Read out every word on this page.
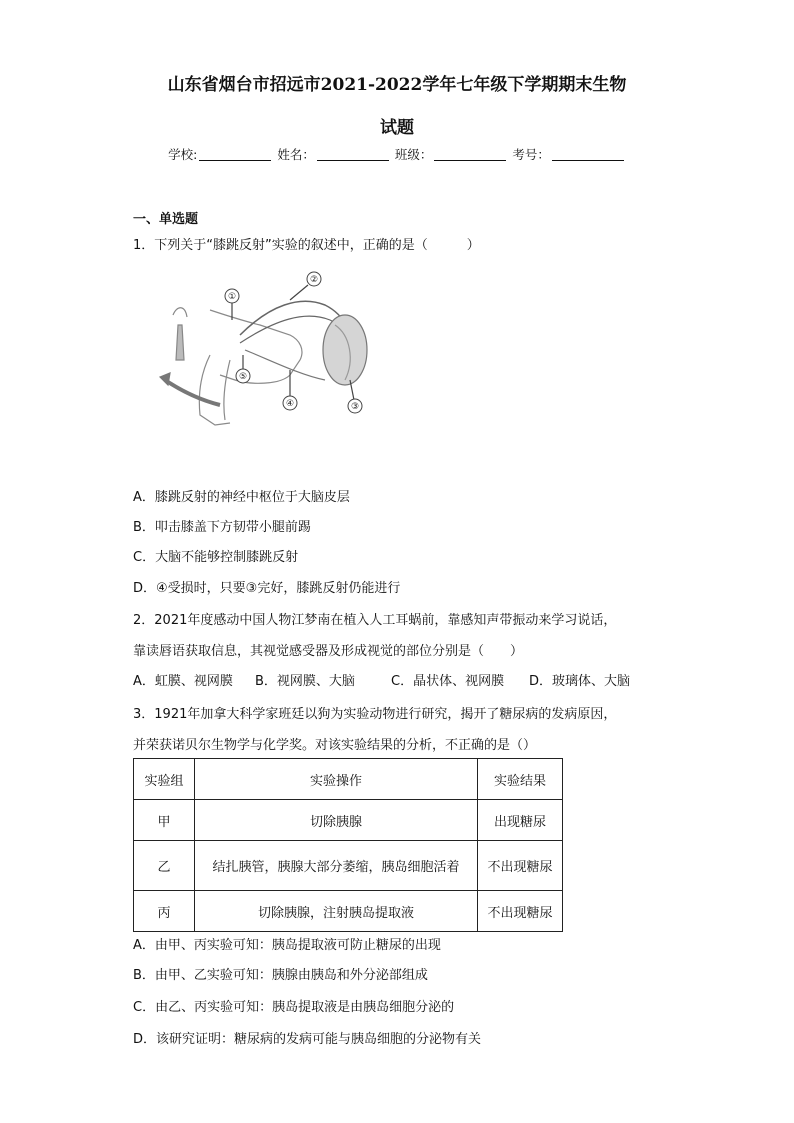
山东省烟台市招远市2021-2022学年七年级下学期期末生物
试题
学校:	姓名：	班级：	考号：
一、单选题
1．下列关于“膝跳反射”实验的叙述中，正确的是（　　　）
①
②
③
④
⑤
A．膝跳反射的神经中枢位于大脑皮层
B．叩击膝盖下方韧带小腿前踢
C．大脑不能够控制膝跳反射
D．④受损时，只要③完好，膝跳反射仍能进行
2．2021年度感动中国人物江梦南在植入人工耳蜗前，靠感知声带振动来学习说话，
靠读唇语获取信息，其视觉感受器及形成视觉的部位分别是（　　）
A．虹膜、视网膜	B．视网膜、大脑	C．晶状体、视网膜	D．玻璃体、大脑
3．1921年加拿大科学家班廷以狗为实验动物进行研究，揭开了糖尿病的发病原因，
并荣获诺贝尔生物学与化学奖。对该实验结果的分析，不正确的是（）
实验组	实验操作	实验结果
甲	切除胰腺	出现糖尿
乙	结扎胰管，胰腺大部分萎缩，胰岛细胞活着	不出现糖尿
丙	切除胰腺，注射胰岛提取液	不出现糖尿
A．由甲、丙实验可知：胰岛提取液可防止糖尿的出现
B．由甲、乙实验可知：胰腺由胰岛和外分泌部组成
C．由乙、丙实验可知：胰岛提取液是由胰岛细胞分泌的
D．该研究证明：糖尿病的发病可能与胰岛细胞的分泌物有关
